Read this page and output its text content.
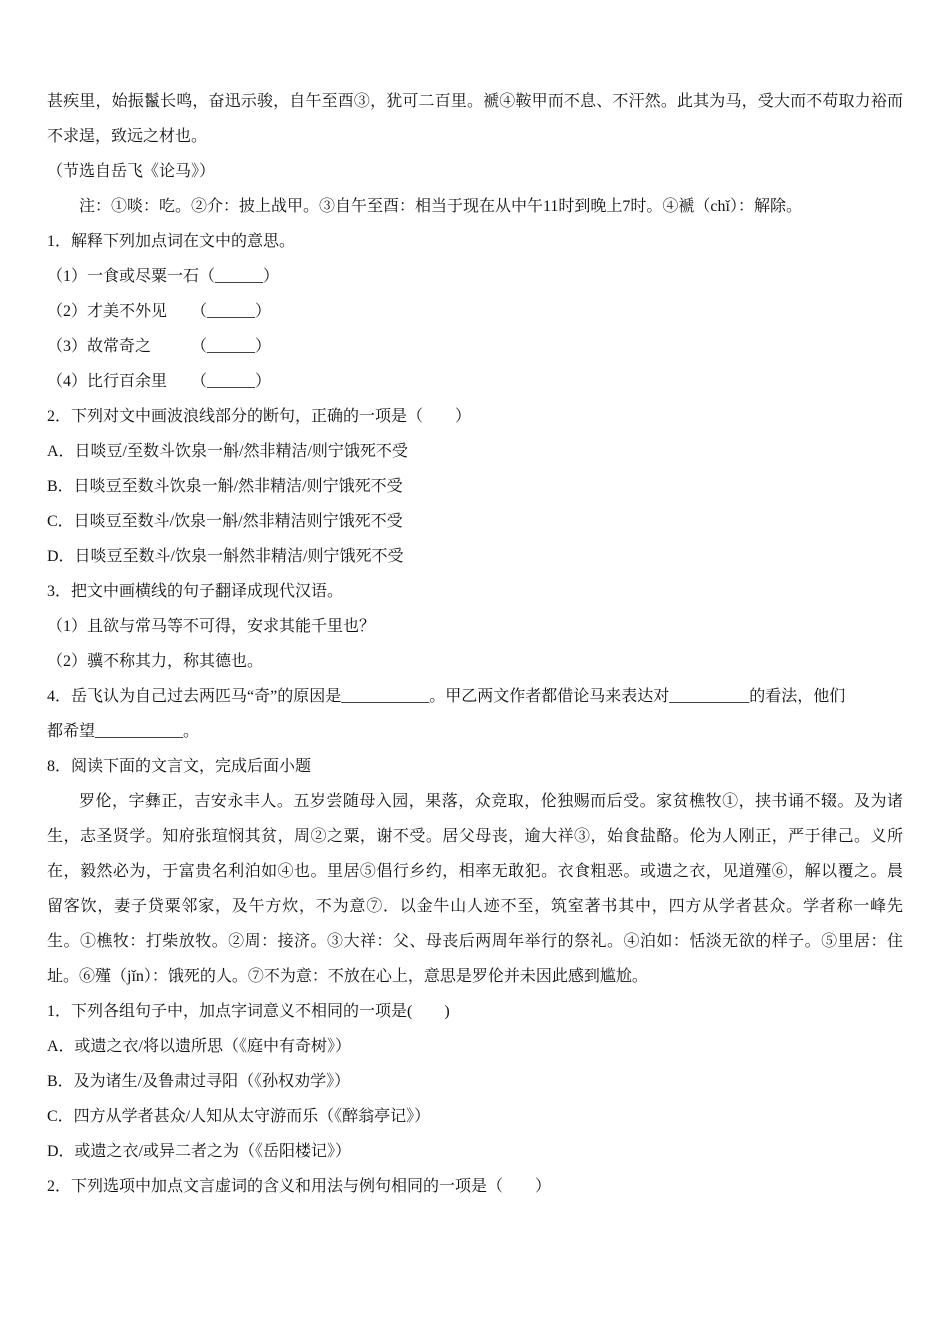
甚疾里，始振鬣长鸣，奋迅示骏，自午至酉③，犹可二百里。褫④鞍甲而不息、不汗然。此其为马，受大而不苟取力裕而
不求逞，致远之材也。
（节选自岳飞《论马》）
注：①啖：吃。②介：披上战甲。③自午至酉：相当于现在从中午11时到晚上7时。④褫（chǐ）：解除。
1．解释下列加点词在文中的意思。
（1）一食或尽粟一石（______）
（2）才美不外见　　（______）
（3）故常奇之　　　（______）
（4）比行百余里　　（______）
2．下列对文中画波浪线部分的断句，正确的一项是（　　）
A．日啖豆/至数斗饮泉一斛/然非精洁/则宁饿死不受
B．日啖豆至数斗饮泉一斛/然非精洁/则宁饿死不受
C．日啖豆至数斗/饮泉一斛/然非精洁则宁饿死不受
D．日啖豆至数斗/饮泉一斛然非精洁/则宁饿死不受
3．把文中画横线的句子翻译成现代汉语。
（1）且欲与常马等不可得，安求其能千里也？
（2）骥不称其力，称其德也。
4．岳飞认为自己过去两匹马“奇”的原因是___________。甲乙两文作者都借论马来表达对__________的看法，他们
都希望___________。
8．阅读下面的文言文，完成后面小题
罗伦，字彝正，吉安永丰人。五岁尝随母入园，果落，众竞取，伦独赐而后受。家贫樵牧①，挟书诵不辍。及为诸
生，志圣贤学。知府张瑄悯其贫，周②之粟，谢不受。居父母丧，逾大祥③，始食盐酪。伦为人刚正，严于律己。义所
在，毅然必为，于富贵名利泊如④也。里居⑤倡行乡约，相率无敢犯。衣食粗恶。或遗之衣，见道殣⑥，解以覆之。晨
留客饮，妻子贷粟邻家，及午方炊，不为意⑦．以金牛山人迹不至，筑室著书其中，四方从学者甚众。学者称一峰先
生。①樵牧：打柴放牧。②周：接济。③大祥：父、母丧后两周年举行的祭礼。④泊如：恬淡无欲的样子。⑤里居：住
址。⑥殣（jǐn）：饿死的人。⑦不为意：不放在心上，意思是罗伦并未因此感到尴尬。
1．下列各组句子中，加点字词意义不相同的一项是(　　)
A．或遗之衣/将以遗所思（《庭中有奇树》）
B．及为诸生/及鲁肃过寻阳（《孙权劝学》）
C．四方从学者甚众/人知从太守游而乐（《醉翁亭记》）
D．或遗之衣/或异二者之为（《岳阳楼记》）
2．下列选项中加点文言虚词的含义和用法与例句相同的一项是（　　）
